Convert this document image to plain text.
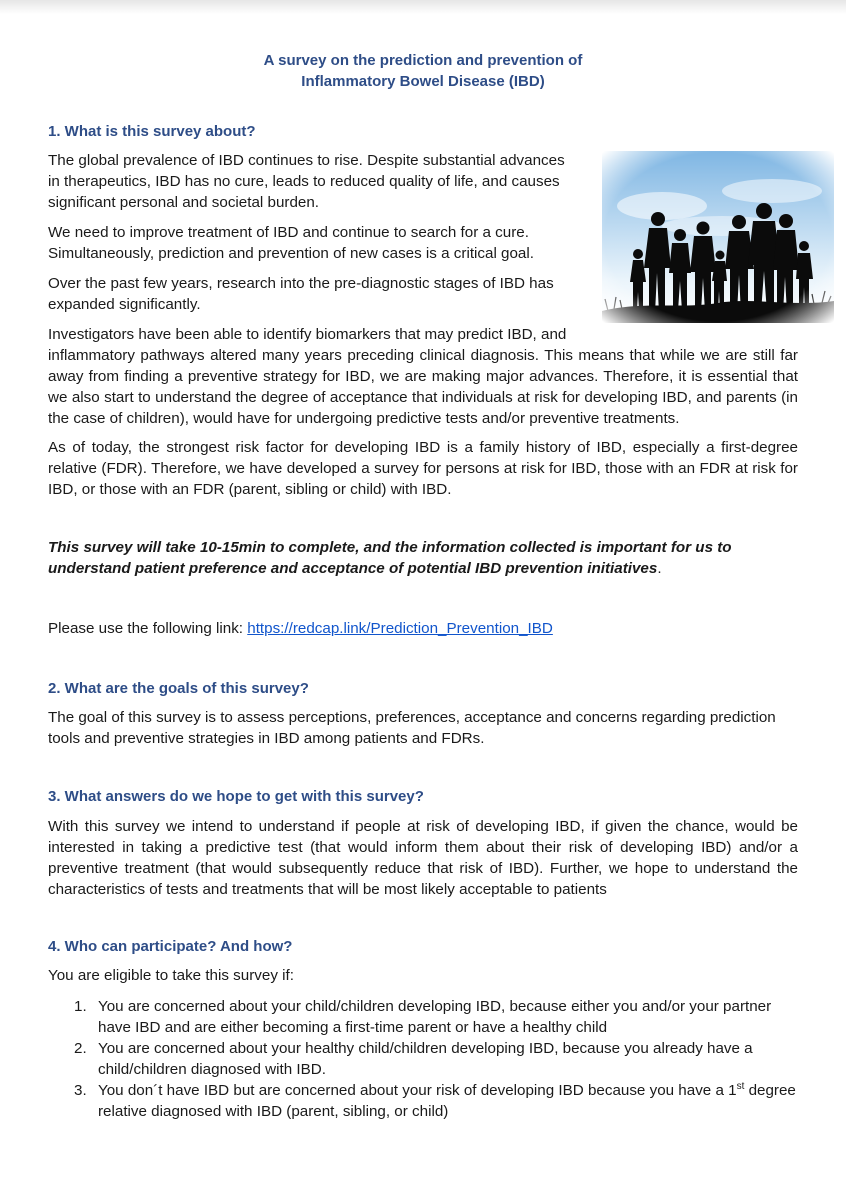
A survey on the prediction and prevention of
Inflammatory Bowel Disease (IBD)
1. What is this survey about?

The global prevalence of IBD continues to rise. Despite substantial advances

in therapeutics, IBD has no cure, leads to reduced quality of life, and causes

significant personal and societal burden.

We need to improve treatment of IBD and continue to search for a cure.

Simultaneously, prediction and prevention of new cases is a critical goal.

Over the past few years, research into the pre-diagnostic stages of IBD has

expanded significantly.

Investigators have been able to identify biomarkers that may predict IBD, and

inflammatory pathways altered many years preceding clinical diagnosis. This means that while we are still far away from finding a preventive strategy for IBD, we are making major advances. Therefore, it is essential that we also start to understand the degree of acceptance that individuals at risk for developing IBD, and parents (in the case of children), would have for undergoing predictive tests and/or preventive treatments.

As of today, the strongest risk factor for developing IBD is a family history of IBD, especially a first-degree relative (FDR). Therefore, we have developed a survey for persons at risk for IBD, those with an FDR at risk for IBD, or those with an FDR (parent, sibling or child) with IBD.

This survey will take 10-15min to complete, and the information collected is important for us to understand patient preference and acceptance of potential IBD prevention initiatives.

Please use the following link: https://redcap.link/Prediction_Prevention_IBD

2. What are the goals of this survey?

The goal of this survey is to assess perceptions, preferences, acceptance and concerns regarding prediction tools and preventive strategies in IBD among patients and FDRs.

3. What answers do we hope to get with this survey?

With this survey we intend to understand if people at risk of developing IBD, if given the chance, would be interested in taking a predictive test (that would inform them about their risk of developing IBD) and/or a preventive treatment (that would subsequently reduce that risk of IBD). Further, we hope to understand the characteristics of tests and treatments that will be most likely acceptable to patients

4. Who can participate? And how?

You are eligible to take this survey if:

1. You are concerned about your child/children developing IBD, because either you and/or your partner have IBD and are either becoming a first-time parent or have a healthy child
2. You are concerned about your healthy child/children developing IBD, because you already have a child/children diagnosed with IBD.
3. You don´t have IBD but are concerned about your risk of developing IBD because you have a 1st degree relative diagnosed with IBD (parent, sibling, or child)
